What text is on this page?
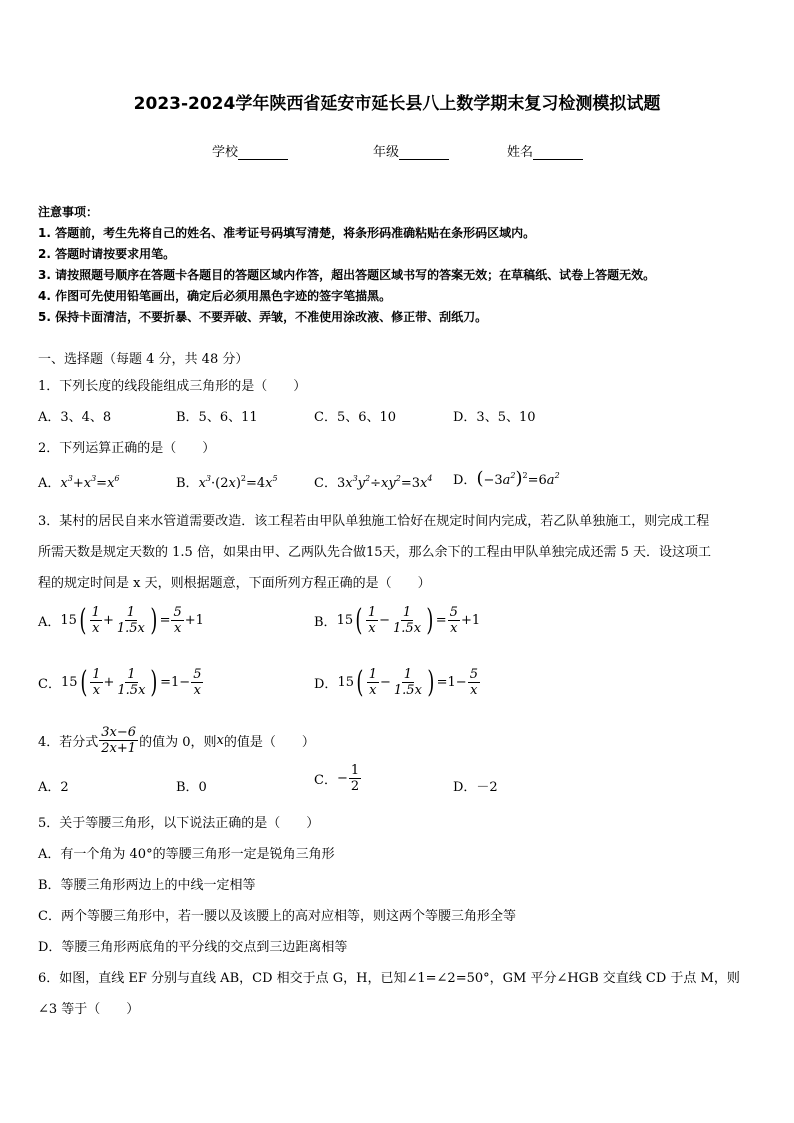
2023-2024学年陕西省延安市延长县八上数学期末复习检测模拟试题
学校	年级	姓名
注意事项：
1. 答题前，考生先将自己的姓名、准考证号码填写清楚，将条形码准确粘贴在条形码区域内。
2. 答题时请按要求用笔。
3. 请按照题号顺序在答题卡各题目的答题区域内作答，超出答题区域书写的答案无效；在草稿纸、试卷上答题无效。
4. 作图可先使用铅笔画出，确定后必须用黑色字迹的签字笔描黑。
5. 保持卡面清洁，不要折暴、不要弄破、弄皱，不准使用涂改液、修正带、刮纸刀。
一、选择题（每题 4 分，共 48 分）
1．下列长度的线段能组成三角形的是（　　）
A．3、4、8	B．5、6、11	C．5、6、10	D．3、5、10
2．下列运算正确的是（　　）
A．$x^3+x^3=x^6$	B．$x^3\cdot(2x)^2=4x^5$	C．$3x^3y^2\div xy^2=3x^4$ D．$(-3a^2)^2=6a^2$
3．某村的居民自来水管道需要改造．该工程若由甲队单独施工恰好在规定时间内完成，若乙队单独施工，则完成工程
所需天数是规定天数的 1.5 倍，如果由甲、乙两队先合做15天，那么余下的工程由甲队单独完成还需 5 天．设这项工
程的规定时间是 x 天，则根据题意，下面所列方程正确的是（　　）
A． 15 ( $\frac{1}{x} + \frac{1}{1.5x}$ ) = $\frac{5}{x} +1$	B． 15 ( $\frac{1}{x} - \frac{1}{1.5x}$ ) = $\frac{5}{x} +1$
C． 15 ( $\frac{1}{x} + \frac{1}{1.5x}$ ) $=1- \frac{5}{x}$	D． 15 ( $\frac{1}{x} - \frac{1}{1.5x}$ ) $=1- \frac{5}{x}$
4．若分式 $\frac{3x-6}{2x+1}$ 的值为 0，则 x 的值是（　　）
A．2	B．0	C． − $\frac{1}{2}$	D．－2
5．关于等腰三角形，以下说法正确的是（　　）
A．有一个角为 40°的等腰三角形一定是锐角三角形
B．等腰三角形两边上的中线一定相等
C．两个等腰三角形中，若一腰以及该腰上的高对应相等，则这两个等腰三角形全等
D．等腰三角形两底角的平分线的交点到三边距离相等
6．如图，直线 EF 分别与直线 AB，CD 相交于点 G，H，已知∠1=∠2=50°，GM 平分∠HGB 交直线 CD 于点 M，则
∠3 等于（　　）
